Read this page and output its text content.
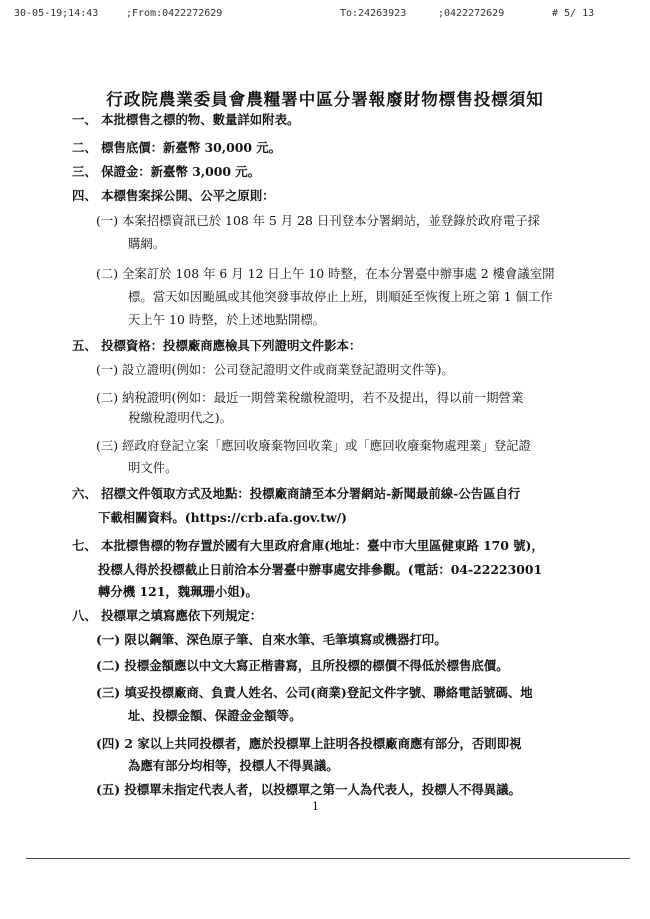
30-05-19;14:43	;From:0422272629	To:24263923	;0422272629	# 5/ 13
行政院農業委員會農糧署中區分署報廢財物標售投標須知
一、 本批標售之標的物、數量詳如附表。
二、 標售底價：新臺幣 30,000 元。
三、 保證金：新臺幣 3,000 元。
四、 本標售案採公開、公平之原則：
(一) 本案招標資訊已於 108 年 5 月 28 日刊登本分署網站，並登錄於政府電子採
購網。
(二) 全案訂於 108 年 6 月 12 日上午 10 時整，在本分署臺中辦事處 2 樓會議室開
標。當天如因颱風或其他突發事故停止上班，則順延至恢復上班之第 1 個工作
天上午 10 時整，於上述地點開標。
五、 投標資格：投標廠商應檢具下列證明文件影本：
(一) 設立證明(例如：公司登記證明文件或商業登記證明文件等)。
(二) 納稅證明(例如：最近一期營業稅繳稅證明，若不及提出，得以前一期營業
稅繳稅證明代之)。
(三) 經政府登記立案「應回收廢棄物回收業」或「應回收廢棄物處理業」登記證
明文件。
六、 招標文件領取方式及地點：投標廠商請至本分署網站-新聞最前線-公告區自行
下載相關資料。(https://crb.afa.gov.tw/)
七、 本批標售標的物存置於國有大里政府倉庫(地址：臺中市大里區健東路 170 號)，
投標人得於投標截止日前洽本分署臺中辦事處安排參觀。(電話：04-22223001
轉分機 121，魏珮珊小姐)。
八、 投標單之填寫應依下列規定：
(一) 限以鋼筆、深色原子筆、自來水筆、毛筆填寫或機器打印。
(二) 投標金額應以中文大寫正楷書寫，且所投標的標價不得低於標售底價。
(三) 填妥投標廠商、負責人姓名、公司(商業)登記文件字號、聯絡電話號碼、地
址、投標金額、保證金金額等。
(四) 2 家以上共同投標者，應於投標單上註明各投標廠商應有部分，否則即視
為應有部分均相等，投標人不得異議。
(五) 投標單未指定代表人者，以投標單之第一人為代表人，投標人不得異議。
1
